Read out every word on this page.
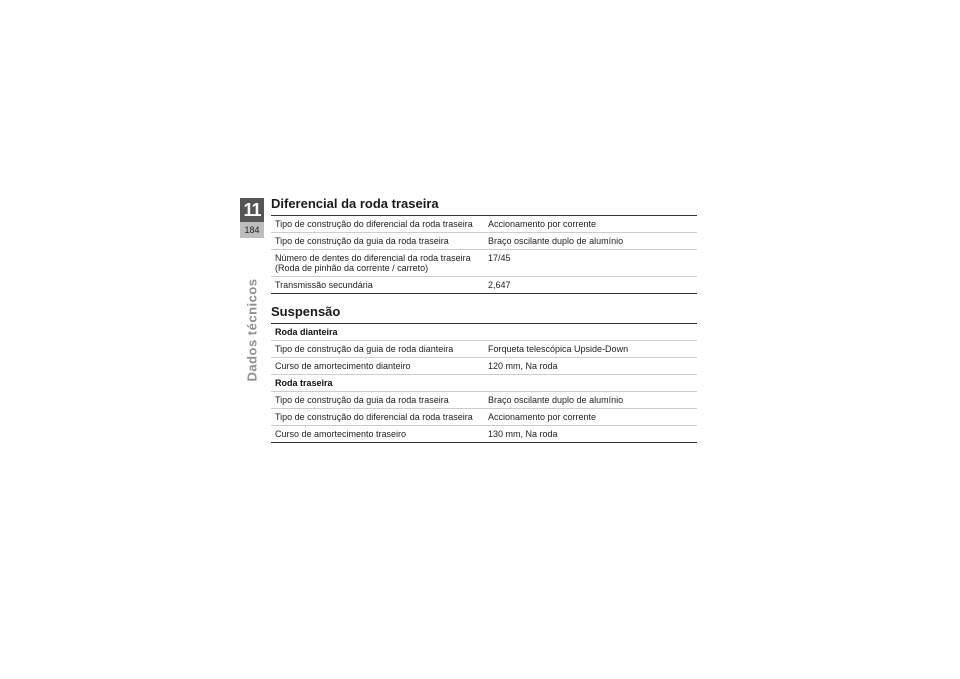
11
184
Dados técnicos
Diferencial da roda traseira
Tipo de construção do diferencial da roda traseira	Accionamento por corrente
Tipo de construção da guia da roda traseira	Braço oscilante duplo de alumínio

Número de dentes do diferencial da roda traseira
(Roda de pinhão da corrente / carreto)	17/45
Transmissão secundária	2,647
Suspensão
Roda dianteira	
Tipo de construção da guia de roda dianteira	Forqueta telescópica Upside-Down
Curso de amortecimento dianteiro	120 mm, Na roda
Roda traseira	
Tipo de construção da guia da roda traseira	Braço oscilante duplo de alumínio
Tipo de construção do diferencial da roda traseira	Accionamento por corrente
Curso de amortecimento traseiro	130 mm, Na roda
